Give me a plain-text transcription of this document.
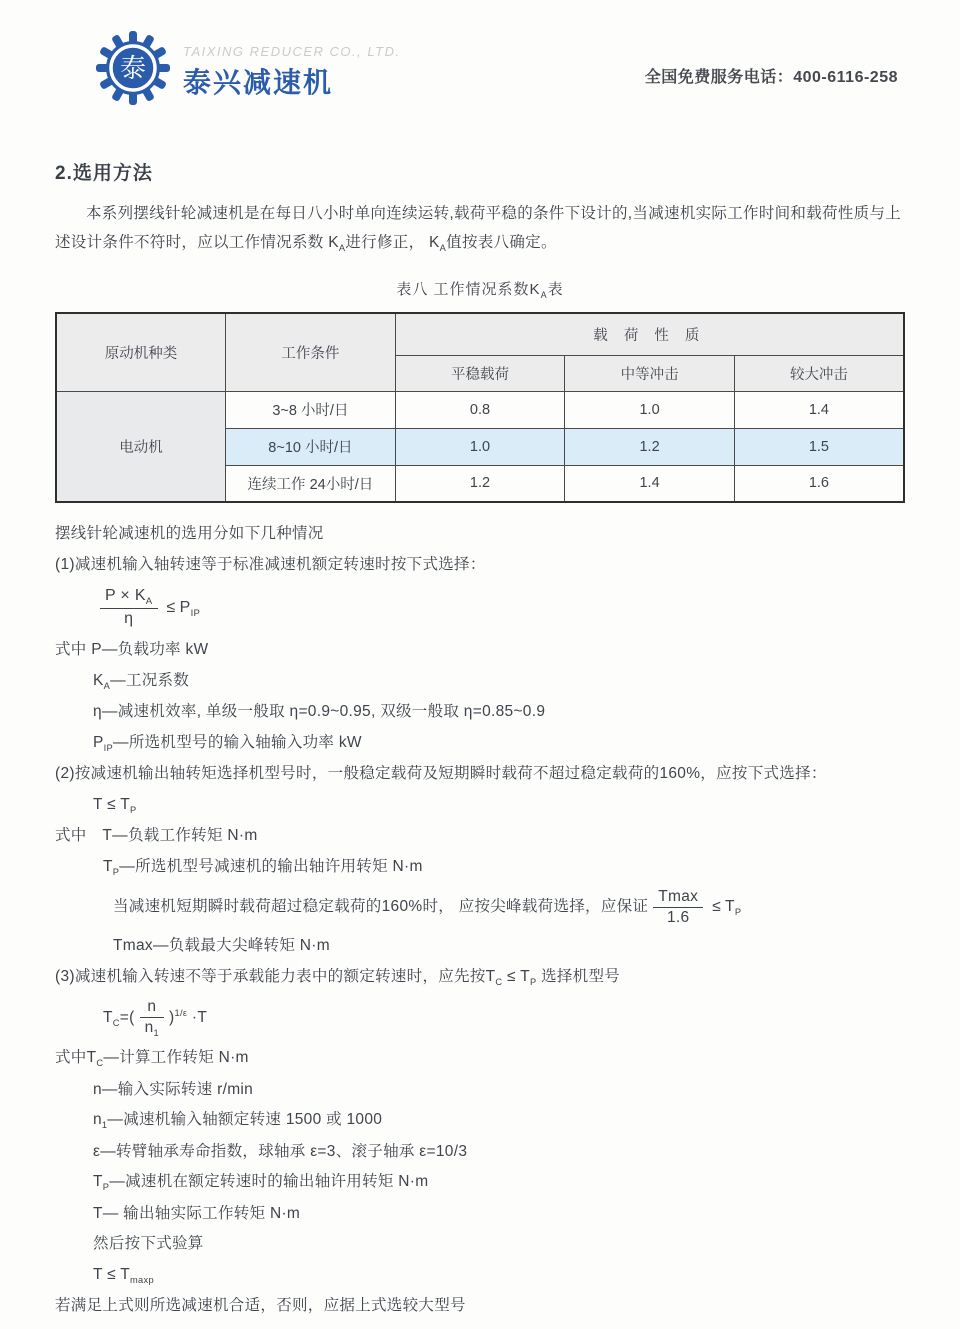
泰
TAIXING REDUCER CO., LTD.
泰兴减速机	全国免费服务电话：400-6116-258
2.选用方法

本系列摆线针轮减速机是在每日八小时单向连续运转,载荷平稳的条件下设计的,当减速机实际工作时间和载荷性质与上述设计条件不符时，应以工作情况系数 $K_A$进行修正， $K_A$值按表八确定。

表八 工作情况系数$K_A$表
原动机种类	工作条件	载 荷 性 质		
		平稳载荷	中等冲击	较大冲击
电动机	3~8 小时/日	0.8	1.0	1.4
	8~10 小时/日	1.0	1.2	1.5
	连续工作 24小时/日	1.2	1.4	1.6
摆线针轮减速机的选用分如下几种情况
(1)减速机输入轴转速等于标准减速机额定转速时按下式选择：
$\frac{P \times K_A}{\eta} \le P_{IP}$
式中 P—负载功率 kW
$K_A—$工况系数
η—减速机效率, 单级一般取 η=0.9~0.95, 双级一般取 η=0.85~0.9
$P_{IP}—$所选机型号的输入轴输入功率 kW
(2)按减速机输出轴转矩选择机型号时，一般稳定载荷及短期瞬时载荷不超过稳定载荷的160%，应按下式选择：
$T \le T_P$
式中　T—负载工作转矩 N·m
$T_P—$所选机型号减速机的输出轴许用转矩 N·m
当减速机短期瞬时载荷超过稳定载荷的160%时， 应按尖峰载荷选择，应保证 $\frac{Tmax}{1.6} \le T_P$
Tmax—负载最大尖峰转矩 N·m
(3)减速机输入转速不等于承载能力表中的额定转速时，应先按$T_C \le T_P$ 选择机型号
$T_C=( \frac{n}{n_1} )^{1/\varepsilon} \cdot T$
式中$T_C—$计算工作转矩 N·m
n—输入实际转速 r/min
$n_1—$减速机输入轴额定转速 1500 或 1000
ε—转臂轴承寿命指数，球轴承 ε=3、滚子轴承 ε=10/3
$T_P—$减速机在额定转速时的输出轴许用转矩 N·m
T— 输出轴实际工作转矩 N·m
然后按下式验算
$T \le T_{maxp}$
若满足上式则所选减速机合适，否则，应据上式选较大型号
